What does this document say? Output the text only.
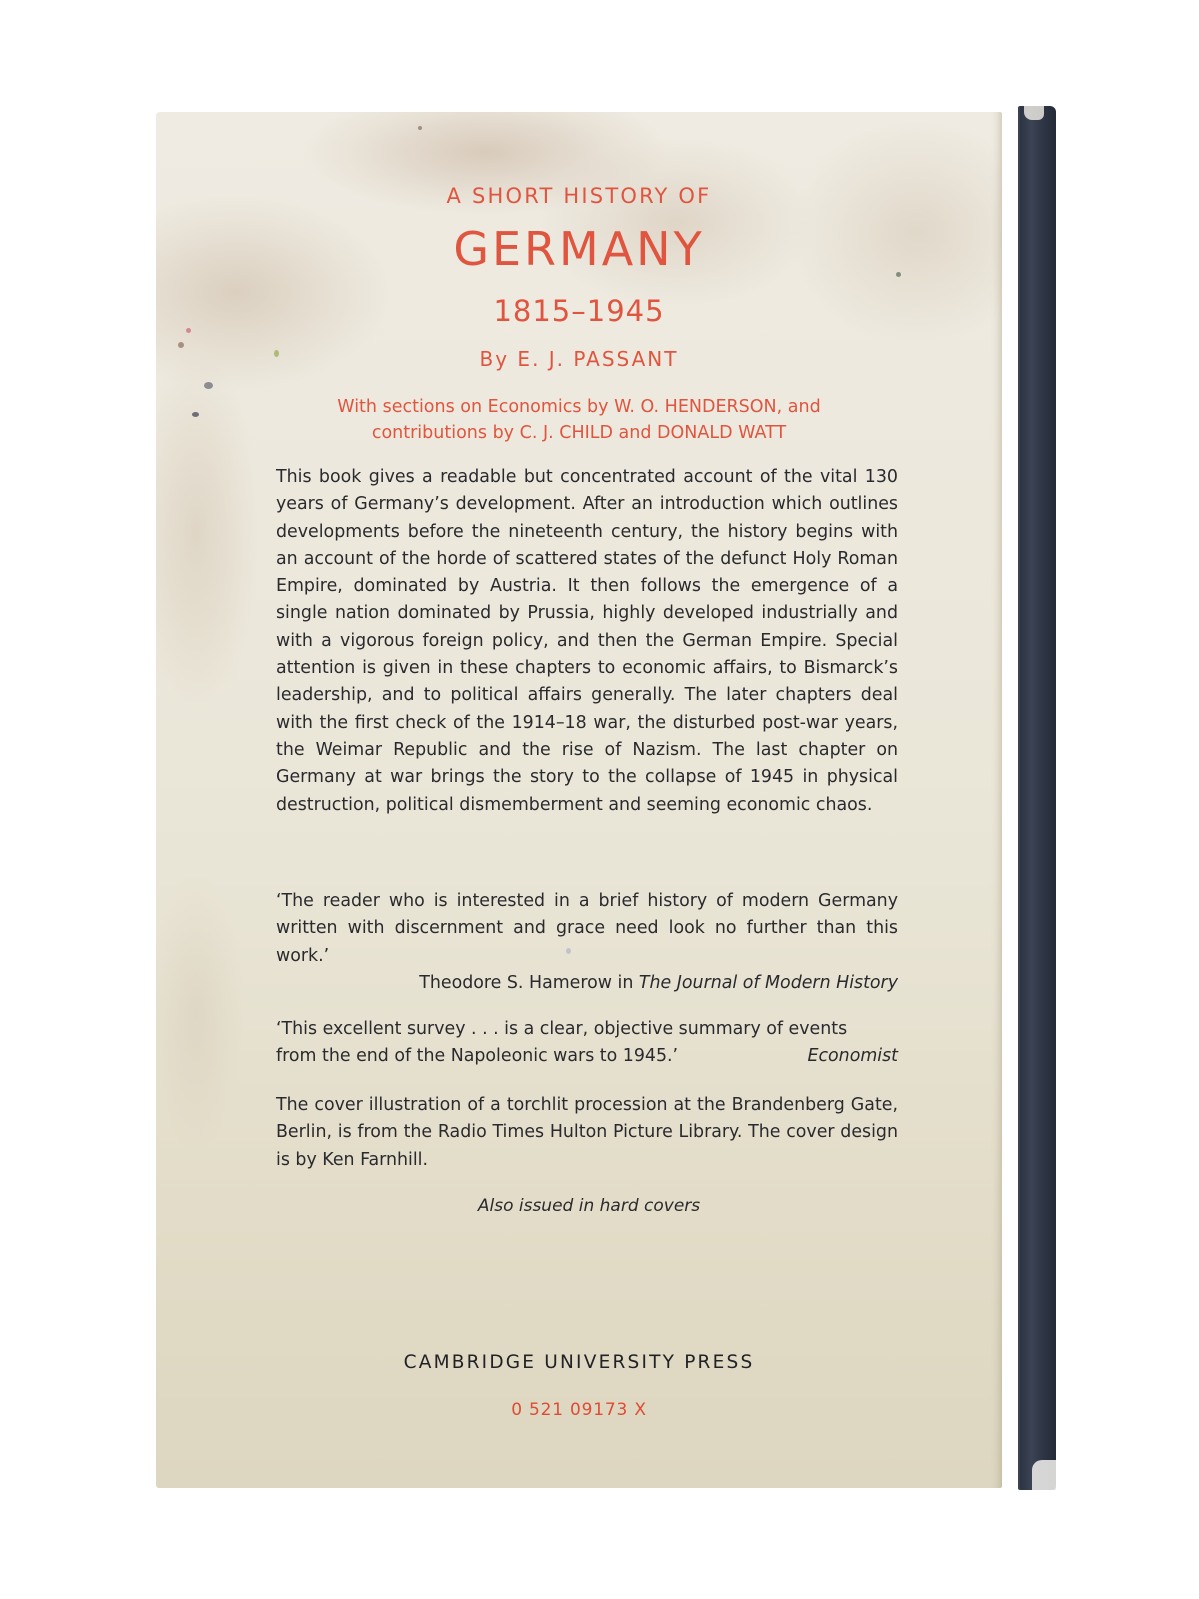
A SHORT HISTORY OF
GERMANY
1815–1945
By E. J. PASSANT
With sections on Economics by W. O. HENDERSON, and
contributions by C. J. CHILD and DONALD WATT

This book gives a readable but concentrated account of the vital 130 years of Germany’s development. After an introduction which outlines developments before the nineteenth century, the history begins with an account of the horde of scattered states of the defunct Holy Roman Empire, dominated by Austria. It then follows the emergence of a single nation dominated by Prussia, highly developed industrially and with a vigorous foreign policy, and then the German Empire. Special attention is given in these chapters to economic affairs, to Bismarck’s leadership, and to political affairs generally. The later chapters deal with the first check of the 1914–18 war, the disturbed post-war years, the Weimar Republic and the rise of Nazism. The last chapter on Germany at war brings the story to the collapse of 1945 in physical destruction, political dismemberment and seeming economic chaos.

‘The reader who is interested in a brief history of modern Germany written with discernment and grace need look no further than this work.’

Theodore S. Hamerow in The Journal of Modern History
‘This excellent survey . . . is a clear, objective summary of events
from the end of the Napoleonic wars to 1945.’	Economist

The cover illustration of a torchlit procession at the Brandenberg Gate, Berlin, is from the Radio Times Hulton Picture Library. The cover design is by Ken Farnhill.

Also issued in hard covers
CAMBRIDGE UNIVERSITY PRESS
0 521 09173 X
